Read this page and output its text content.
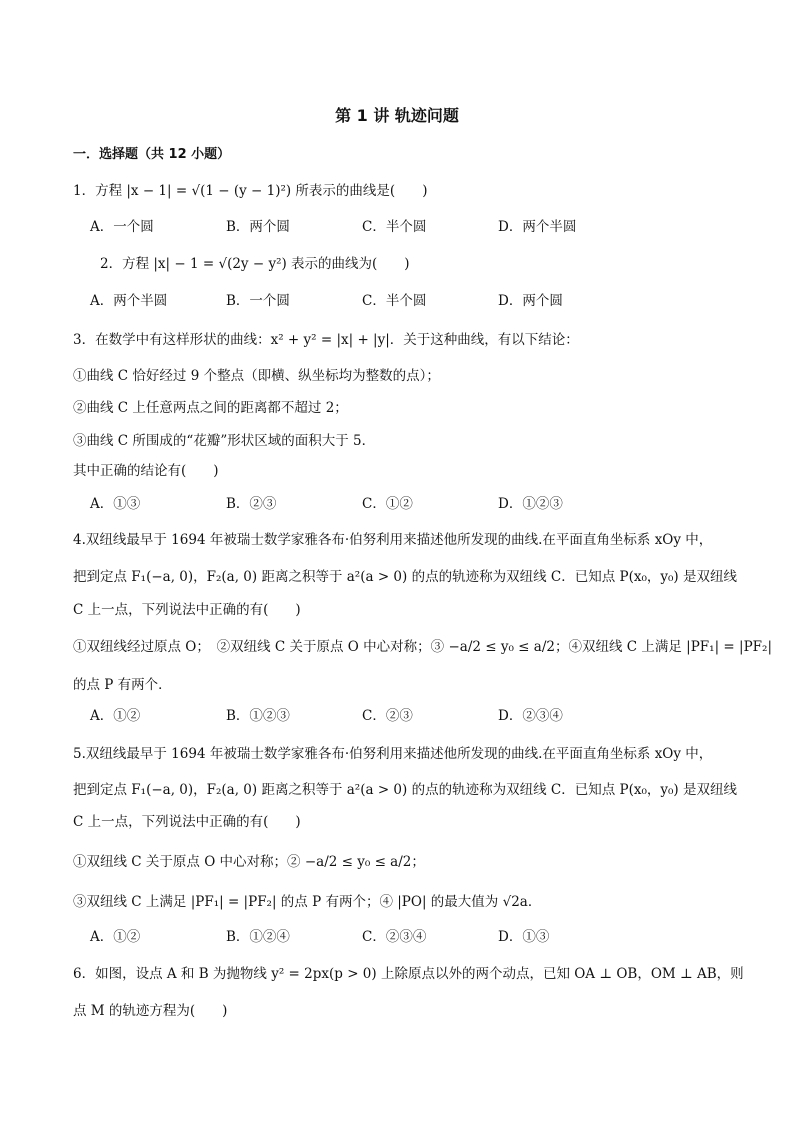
第 1 讲 轨迹问题
一．选择题（共 12 小题）
1．方程 |x − 1| = √(1 − (y − 1)²) 所表示的曲线是(　　)
A．一个圆	B．两个圆	C．半个圆	D．两个半圆
2．方程 |x| − 1 = √(2y − y²) 表示的曲线为(　　)
A．两个半圆	B．一个圆	C．半个圆	D．两个圆
3．在数学中有这样形状的曲线：x² + y² = |x| + |y|．关于这种曲线，有以下结论：
①曲线 C 恰好经过 9 个整点（即横、纵坐标均为整数的点）；
②曲线 C 上任意两点之间的距离都不超过 2；
③曲线 C 所围成的“花瓣”形状区域的面积大于 5．
其中正确的结论有(　　)
A．①③	B．②③	C．①②	D．①②③
4.双纽线最早于 1694 年被瑞士数学家雅各布·伯努利用来描述他所发现的曲线.在平面直角坐标系 xOy 中，
把到定点 F₁(−a, 0)，F₂(a, 0) 距离之积等于 a²(a > 0) 的点的轨迹称为双纽线 C．已知点 P(x₀，y₀) 是双纽线
C 上一点，下列说法中正确的有(　　)
①双纽线经过原点 O；　②双纽线 C 关于原点 O 中心对称；③ −a/2 ≤ y₀ ≤ a/2；④双纽线 C 上满足 |PF₁| = |PF₂|
的点 P 有两个．
A．①②	B．①②③	C．②③	D．②③④
5.双纽线最早于 1694 年被瑞士数学家雅各布·伯努利用来描述他所发现的曲线.在平面直角坐标系 xOy 中，
把到定点 F₁(−a, 0)，F₂(a, 0) 距离之积等于 a²(a > 0) 的点的轨迹称为双纽线 C．已知点 P(x₀，y₀) 是双纽线
C 上一点，下列说法中正确的有(　　)
①双纽线 C 关于原点 O 中心对称；② −a/2 ≤ y₀ ≤ a/2；
③双纽线 C 上满足 |PF₁| = |PF₂| 的点 P 有两个；④ |PO| 的最大值为 √2a．
A．①②	B．①②④	C．②③④	D．①③
6．如图，设点 A 和 B 为抛物线 y² = 2px(p > 0) 上除原点以外的两个动点，已知 OA ⊥ OB，OM ⊥ AB，则
点 M 的轨迹方程为(　　)
